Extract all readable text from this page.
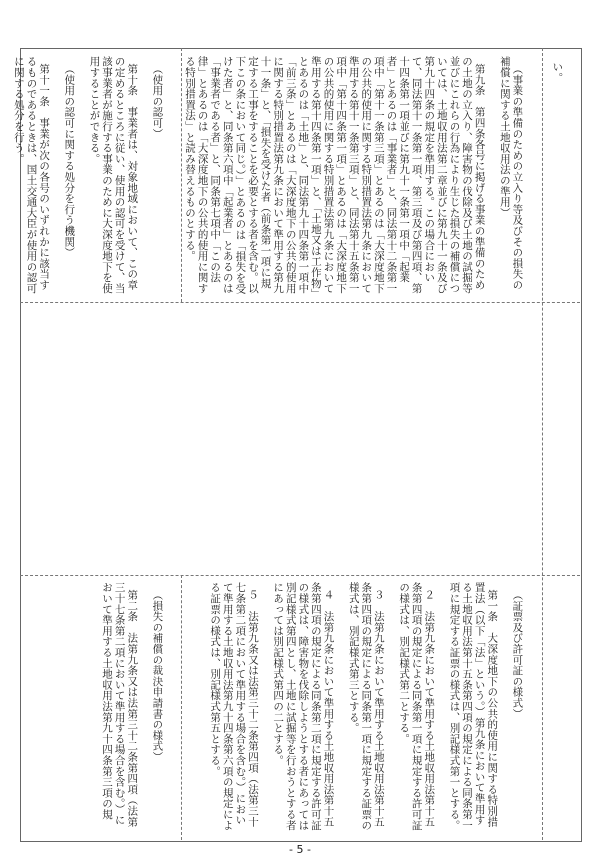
い。

（事業の準備のための立入り等及びその損失の補償に関する土地収用法の準用）

第九条　第四条各号に掲げる事業の準備のための土地の立入り、障害物の伐除及び土地の試掘等並びにこれらの行為により生じた損失の補償については、土地収用法第二章並びに第九十一条及び第九十四条の規定を準用する。この場合において、同法第十一条第一項、第三項及び第四項、第十四条第一項並びに第九十一条第一項中「起業者」とあるのは「事業者」と、同法第十二条第一項中「第十一条第三項」とあるのは「大深度地下の公共的使用に関する特別措置法第九条において準用する第十一条第三項」と、同法第十五条第一項中「第十四条第一項」とあるのは「大深度地下の公共的使用に関する特別措置法第九条において準用する第十四条第一項」と、「土地又は工作物」とあるのは「土地」と、同法第九十四条第一項中「前三条」とあるのは「大深度地下の公共的使用に関する特別措置法第九条において準用する第九十一条」と、「損失を受けた者（前条第一項に規定する工事をすることを必要とする者を含む。以下この条において同じ。）」とあるのは「損失を受けた者」と、同条第六項中「起業者」とあるのは「事業者である者」と、同条第七項中「この法律」とあるのは「大深度地下の公共的使用に関する特別措置法」と読み替えるものとする。

（使用の認可）

第十条　事業者は、対象地域において、この章の定めるところに従い、使用の認可を受けて、当該事業者が施行する事業のために大深度地下を使用することができる。

（使用の認可に関する処分を行う機関）

第十一条　事業が次の各号のいずれかに該当するものであるときは、国土交通大臣が使用の認可に関する処分を行う。

（証票及び許可証の様式）

第一条　大深度地下の公共的使用に関する特別措置法（以下「法」という。）第九条において準用する土地収用法第十五条第四項の規定による同条第一項に規定する証票の様式は、別記様式第一とする。

２　法第九条において準用する土地収用法第十五条第四項の規定による同条第一項に規定する許可証の様式は、別記様式第二とする。

３　法第九条において準用する土地収用法第十五条第四項の規定による同条第一項に規定する証票の様式は、別記様式第三とする。

４　法第九条において準用する土地収用法第十五条第四項の規定による同条第二項に規定する許可証の様式は、障害物を伐除しようとする者にあっては別記様式第四とし、土地に試掘等を行おうとする者にあっては別記様式第四の二とする。

５　法第九条又は法第三十二条第四項（法第三十七条第二項において準用する場合を含む。）において準用する土地収用法第九十四条第六項の規定による証票の様式は、別記様式第五とする。

（損失の補償の裁決申請書の様式）

第二条　法第九条又は法第三十二条第四項（法第三十七条第二項において準用する場合を含む。）において準用する土地収用法第九十四条第三項の規

- 5 -
